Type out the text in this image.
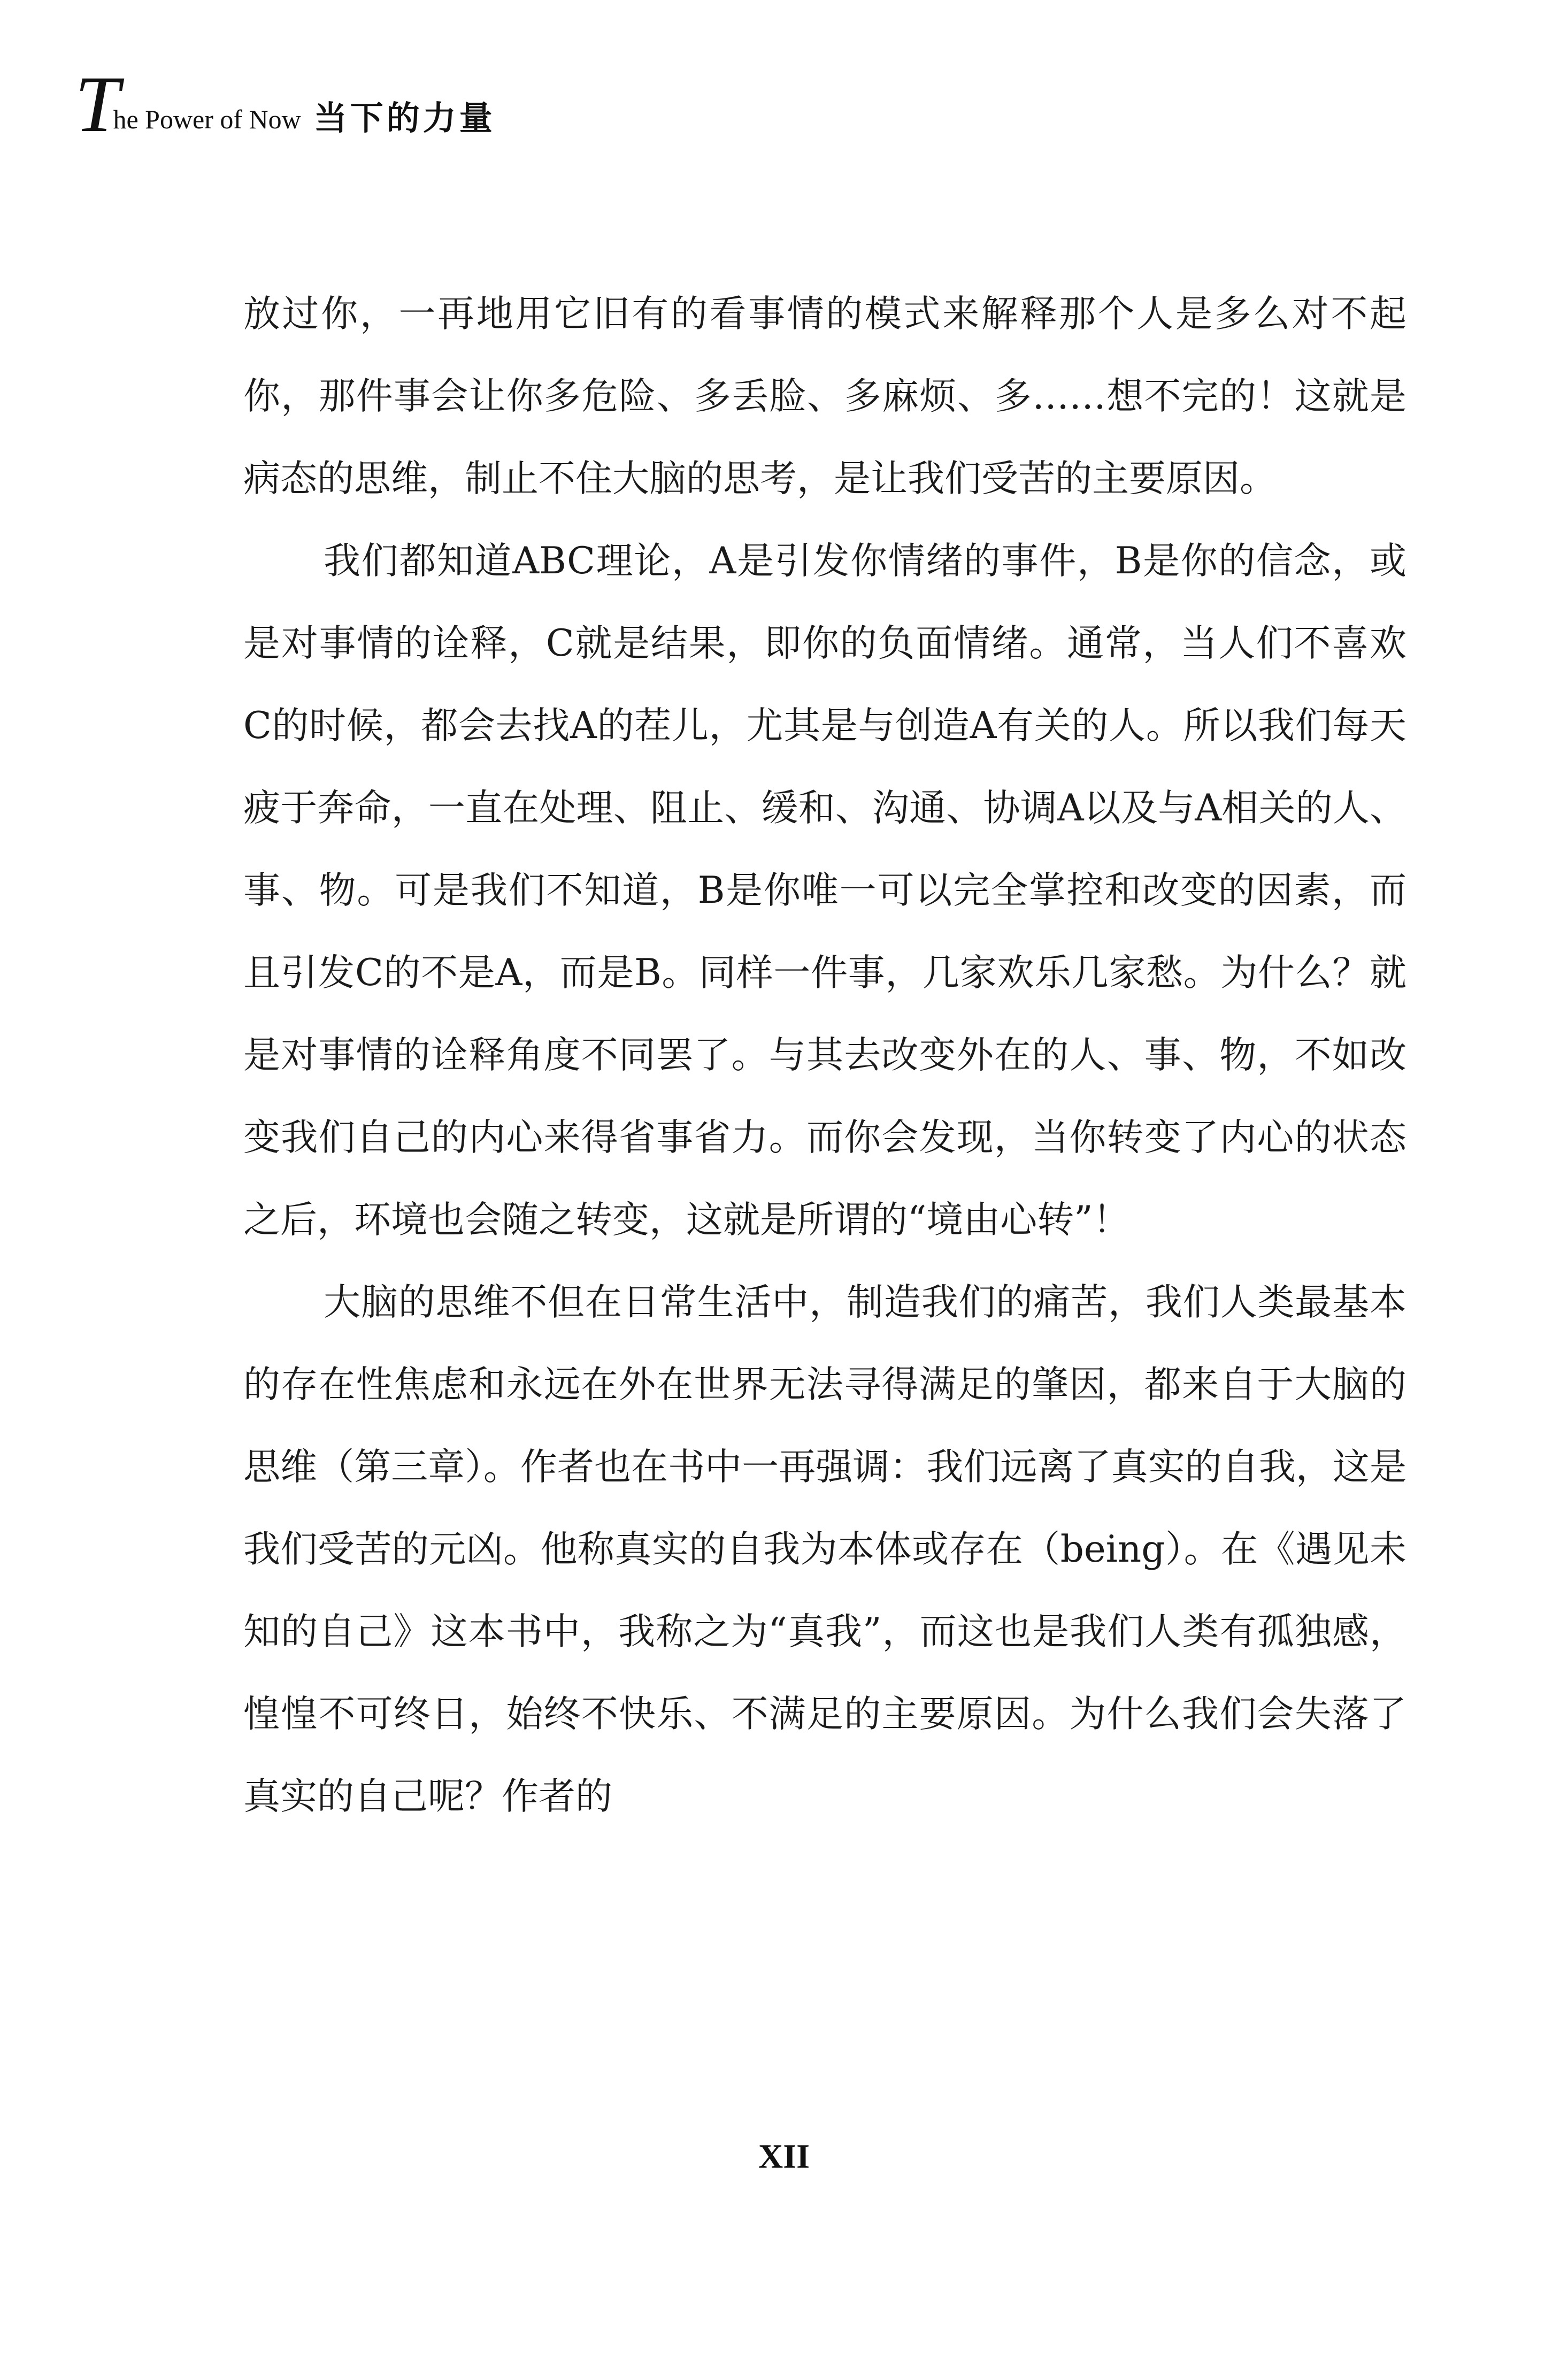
T
he Power of Now 当下的力量

放过你，一再地用它旧有的看事情的模式来解释那个人是多么对不起你，那件事会让你多危险、多丢脸、多麻烦、多……想不完的！这就是病态的思维，制止不住大脑的思考，是让我们受苦的主要原因。

我们都知道ABC理论，A是引发你情绪的事件，B是你的信念，或是对事情的诠释，C就是结果，即你的负面情绪。通常，当人们不喜欢C的时候，都会去找A的茬儿，尤其是与创造A有关的人。所以我们每天疲于奔命，一直在处理、阻止、缓和、沟通、协调A以及与A相关的人、事、物。可是我们不知道，B是你唯一可以完全掌控和改变的因素，而且引发C的不是A，而是B。同样一件事，几家欢乐几家愁。为什么？就是对事情的诠释角度不同罢了。与其去改变外在的人、事、物，不如改变我们自己的内心来得省事省力。而你会发现，当你转变了内心的状态之后，环境也会随之转变，这就是所谓的“境由心转”！

大脑的思维不但在日常生活中，制造我们的痛苦，我们人类最基本的存在性焦虑和永远在外在世界无法寻得满足的肇因，都来自于大脑的思维（第三章）。作者也在书中一再强调：我们远离了真实的自我，这是我们受苦的元凶。他称真实的自我为本体或存在（being）。在《遇见未知的自己》这本书中，我称之为“真我”，而这也是我们人类有孤独感，惶惶不可终日，始终不快乐、不满足的主要原因。为什么我们会失落了真实的自己呢？作者的

XII
